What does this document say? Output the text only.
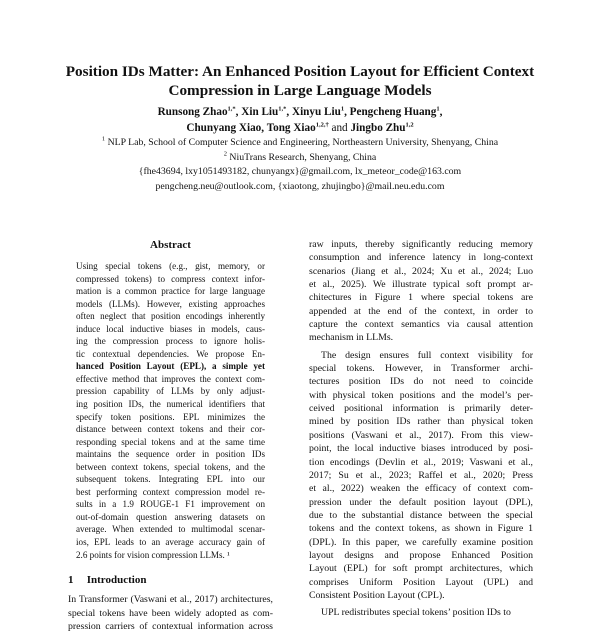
Position IDs Matter: An Enhanced Position Layout for Efficient Context
Compression in Large Language Models
Runsong Zhao$^{1,*}$, Xin Liu$^{1,*}$, Xinyu Liu$^1$, Pengcheng Huang$^1$,
Chunyang Xiao, Tong Xiao$^{1,2,\dagger}$ and Jingbo Zhu$^{1,2}$
$^1$ NLP Lab, School of Computer Science and Engineering, Northeastern University, Shenyang, China
$^2$ NiuTrans Research, Shenyang, China
{fhe43694, lxy1051493182, chunyangx}@gmail.com, lx_meteor_code@163.com
pengcheng.neu@outlook.com, {xiaotong, zhujingbo}@mail.neu.edu.com
Abstract
Using special tokens (e.g., gist, memory, or
compressed tokens) to compress context infor-
mation is a common practice for large language
models (LLMs). However, existing approaches
often neglect that position encodings inherently
induce local inductive biases in models, caus-
ing the compression process to ignore holis-
tic contextual dependencies. We propose En-
hanced Position Layout (EPL), a simple yet
effective method that improves the context com-
pression capability of LLMs by only adjust-
ing position IDs, the numerical identifiers that
specify token positions. EPL minimizes the
distance between context tokens and their cor-
responding special tokens and at the same time
maintains the sequence order in position IDs
between context tokens, special tokens, and the
subsequent tokens. Integrating EPL into our
best performing context compression model re-
sults in a 1.9 ROUGE-1 F1 improvement on
out-of-domain question answering datasets on
average. When extended to multimodal scenar-
ios, EPL leads to an average accuracy gain of
2.6 points for vision compression LLMs. ¹
1 Introduction
In Transformer (Vaswani et al., 2017) architectures,
special tokens have been widely adopted as com-
pression carriers of contextual information across
raw inputs, thereby significantly reducing memory
consumption and inference latency in long-context
scenarios (Jiang et al., 2024; Xu et al., 2024; Luo
et al., 2025). We illustrate typical soft prompt ar-
chitectures in Figure 1 where special tokens are
appended at the end of the context, in order to
capture the context semantics via causal attention
mechanism in LLMs.
The design ensures full context visibility for
special tokens. However, in Transformer archi-
tectures position IDs do not need to coincide
with physical token positions and the model’s per-
ceived positional information is primarily deter-
mined by position IDs rather than physical token
positions (Vaswani et al., 2017). From this view-
point, the local inductive biases introduced by posi-
tion encodings (Devlin et al., 2019; Vaswani et al.,
2017; Su et al., 2023; Raffel et al., 2020; Press
et al., 2022) weaken the efficacy of context com-
pression under the default position layout (DPL),
due to the substantial distance between the special
tokens and the context tokens, as shown in Figure 1
(DPL). In this paper, we carefully examine position
layout designs and propose Enhanced Position
Layout (EPL) for soft prompt architectures, which
comprises Uniform Position Layout (UPL) and
Consistent Position Layout (CPL).
UPL redistributes special tokens’ position IDs to
